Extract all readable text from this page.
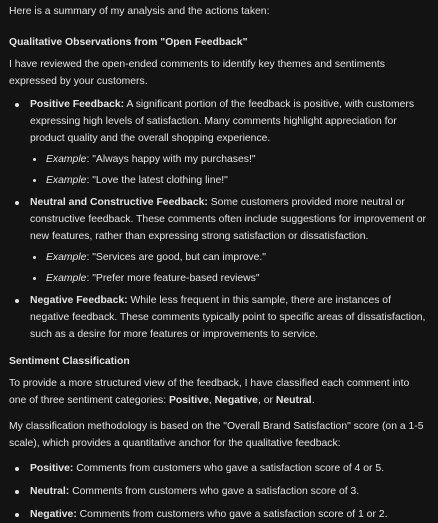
Here is a summary of my analysis and the actions taken:

Qualitative Observations from "Open Feedback"

I have reviewed the open-ended comments to identify key themes and sentiments expressed by your customers.

Positive Feedback: A significant portion of the feedback is positive, with customers expressing high levels of satisfaction. Many comments highlight appreciation for product quality and the overall shopping experience.
Example: "Always happy with my purchases!"
Example: "Love the latest clothing line!"
Neutral and Constructive Feedback: Some customers provided more neutral or constructive feedback. These comments often include suggestions for improvement or new features, rather than expressing strong satisfaction or dissatisfaction.
Example: "Services are good, but can improve."
Example: "Prefer more feature-based reviews"
Negative Feedback: While less frequent in this sample, there are instances of negative feedback. These comments typically point to specific areas of dissatisfaction, such as a desire for more features or improvements to service.
Sentiment Classification

To provide a more structured view of the feedback, I have classified each comment into one of three sentiment categories: Positive, Negative, or Neutral.

My classification methodology is based on the "Overall Brand Satisfaction" score (on a 1-5 scale), which provides a quantitative anchor for the qualitative feedback:

Positive: Comments from customers who gave a satisfaction score of 4 or 5.
Neutral: Comments from customers who gave a satisfaction score of 3.
Negative: Comments from customers who gave a satisfaction score of 1 or 2.
